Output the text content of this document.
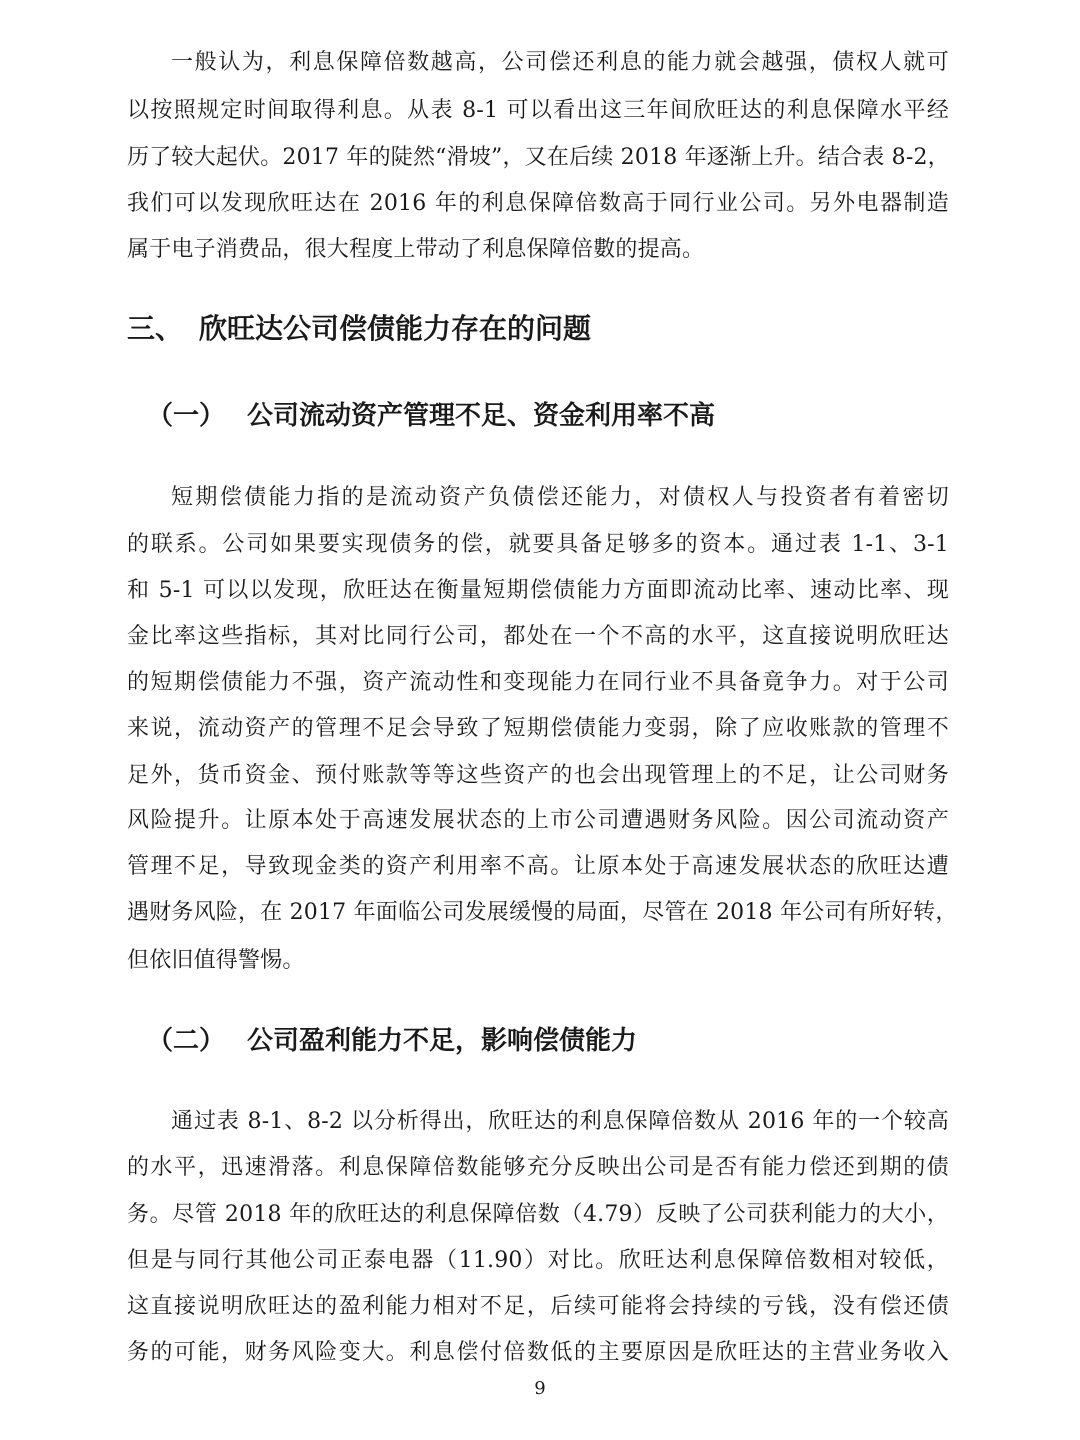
一般认为，利息保障倍数越高，公司偿还利息的能力就会越强，债权人就可
以按照规定时间取得利息。从表 8-1 可以看出这三年间欣旺达的利息保障水平经
历了较大起伏。2017 年的陡然“滑坡”，又在后续 2018 年逐渐上升。结合表 8-2，
我们可以发现欣旺达在 2016 年的利息保障倍数高于同行业公司。另外电器制造
属于电子消费品，很大程度上带动了利息保障倍數的提高。
三、 欣旺达公司偿债能力存在的问题
（一） 公司流动资产管理不足、资金利用率不高
短期偿债能力指的是流动资产负债偿还能力，对债权人与投资者有着密切
的联系。公司如果要实现债务的偿，就要具备足够多的资本。通过表 1-1、3-1
和 5-1 可以以发现，欣旺达在衡量短期偿债能力方面即流动比率、速动比率、现
金比率这些指标，其对比同行公司，都处在一个不高的水平，这直接说明欣旺达
的短期偿债能力不强，资产流动性和变现能力在同行业不具备竟争力。对于公司
来说，流动资产的管理不足会导致了短期偿债能力变弱，除了应收账款的管理不
足外，货币资金、预付账款等等这些资产的也会出现管理上的不足，让公司财务
风险提升。让原本处于高速发展状态的上市公司遭遇财务风险。因公司流动资产
管理不足，导致现金类的资产利用率不高。让原本处于高速发展状态的欣旺达遭
遇财务风险，在 2017 年面临公司发展缓慢的局面，尽管在 2018 年公司有所好转，
但依旧值得警惕。
（二） 公司盈利能力不足，影响偿债能力
通过表 8-1、8-2 以分析得出，欣旺达的利息保障倍数从 2016 年的一个较高
的水平，迅速滑落。利息保障倍数能够充分反映出公司是否有能力偿还到期的债
务。尽管 2018 年的欣旺达的利息保障倍数（4.79）反映了公司获利能力的大小，
但是与同行其他公司正泰电器（11.90）对比。欣旺达利息保障倍数相对较低，
这直接说明欣旺达的盈利能力相对不足，后续可能将会持续的亏钱，没有偿还债
务的可能，财务风险变大。利息偿付倍数低的主要原因是欣旺达的主营业务收入
9
